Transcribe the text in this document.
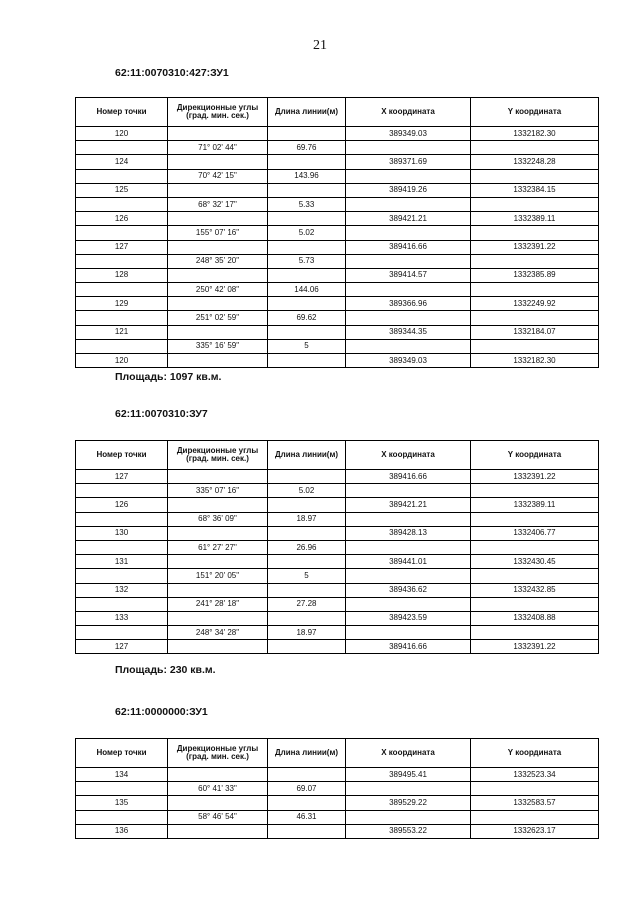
21
62:11:0070310:427:ЗУ1
Номер точки	Дирекционные углы (град. мин. сек.)	Длина линии(м)	X координата	Y координата
120			389349.03	1332182.30
	71° 02' 44"	69.76		
124			389371.69	1332248.28
	70° 42' 15"	143.96		
125			389419.26	1332384.15
	68° 32' 17"	5.33		
126			389421.21	1332389.11
	155° 07' 16"	5.02		
127			389416.66	1332391.22
	248° 35' 20"	5.73		
128			389414.57	1332385.89
	250° 42' 08"	144.06		
129			389366.96	1332249.92
	251° 02' 59"	69.62		
121			389344.35	1332184.07
	335° 16' 59"	5		
120			389349.03	1332182.30
Площадь: 1097 кв.м.
62:11:0070310:ЗУ7
Номер точки	Дирекционные углы (град. мин. сек.)	Длина линии(м)	X координата	Y координата
127			389416.66	1332391.22
	335° 07' 16"	5.02		
126			389421.21	1332389.11
	68° 36' 09"	18.97		
130			389428.13	1332406.77
	61° 27' 27"	26.96		
131			389441.01	1332430.45
	151° 20' 05"	5		
132			389436.62	1332432.85
	241° 28' 18"	27.28		
133			389423.59	1332408.88
	248° 34' 28"	18.97		
127			389416.66	1332391.22
Площадь: 230 кв.м.
62:11:0000000:ЗУ1
Номер точки	Дирекционные углы (град. мин. сек.)	Длина линии(м)	X координата	Y координата
134			389495.41	1332523.34
	60° 41' 33"	69.07		
135			389529.22	1332583.57
	58° 46' 54"	46.31		
136			389553.22	1332623.17
